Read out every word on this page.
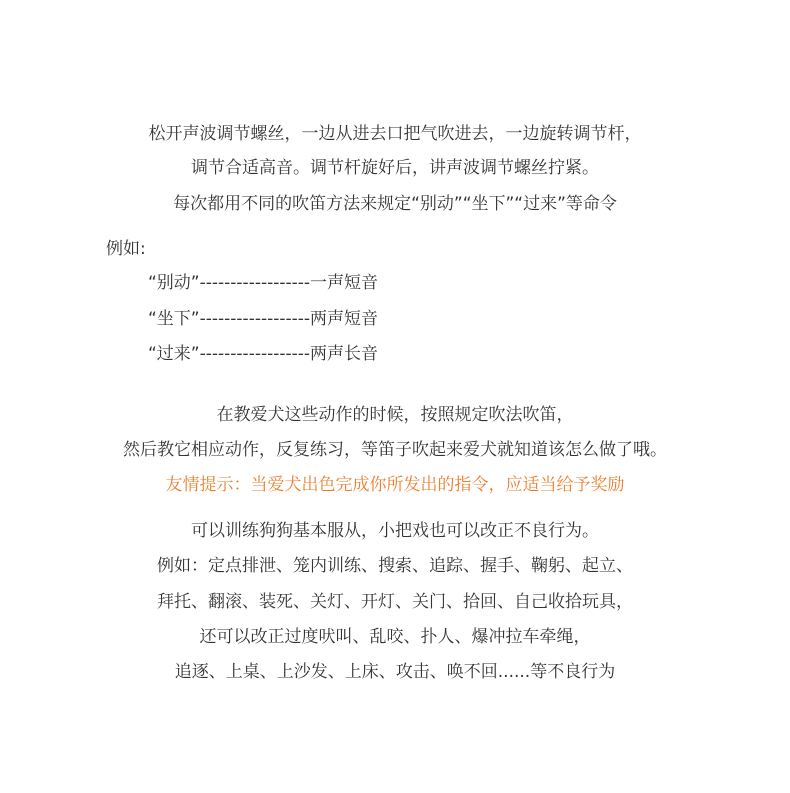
松开声波调节螺丝，一边从进去口把气吹进去，一边旋转调节杆，
调节合适高音。调节杆旋好后，讲声波调节螺丝拧紧。
每次都用不同的吹笛方法来规定“别动”“坐下”“过来”等命令
例如:
“别动”------------------一声短音
“坐下”------------------两声短音
“过来”------------------两声长音
在教爱犬这些动作的时候，按照规定吹法吹笛，
然后教它相应动作，反复练习，等笛子吹起来爱犬就知道该怎么做了哦。
友情提示：当爱犬出色完成你所发出的指令，应适当给予奖励
可以训练狗狗基本服从，小把戏也可以改正不良行为。
例如：定点排泄、笼内训练、搜索、追踪、握手、鞠躬、起立、
拜托、翻滚、装死、关灯、开灯、关门、拾回、自己收拾玩具，
还可以改正过度吠叫、乱咬、扑人、爆冲拉车牵绳，
追逐、上桌、上沙发、上床、攻击、唤不回......等不良行为
